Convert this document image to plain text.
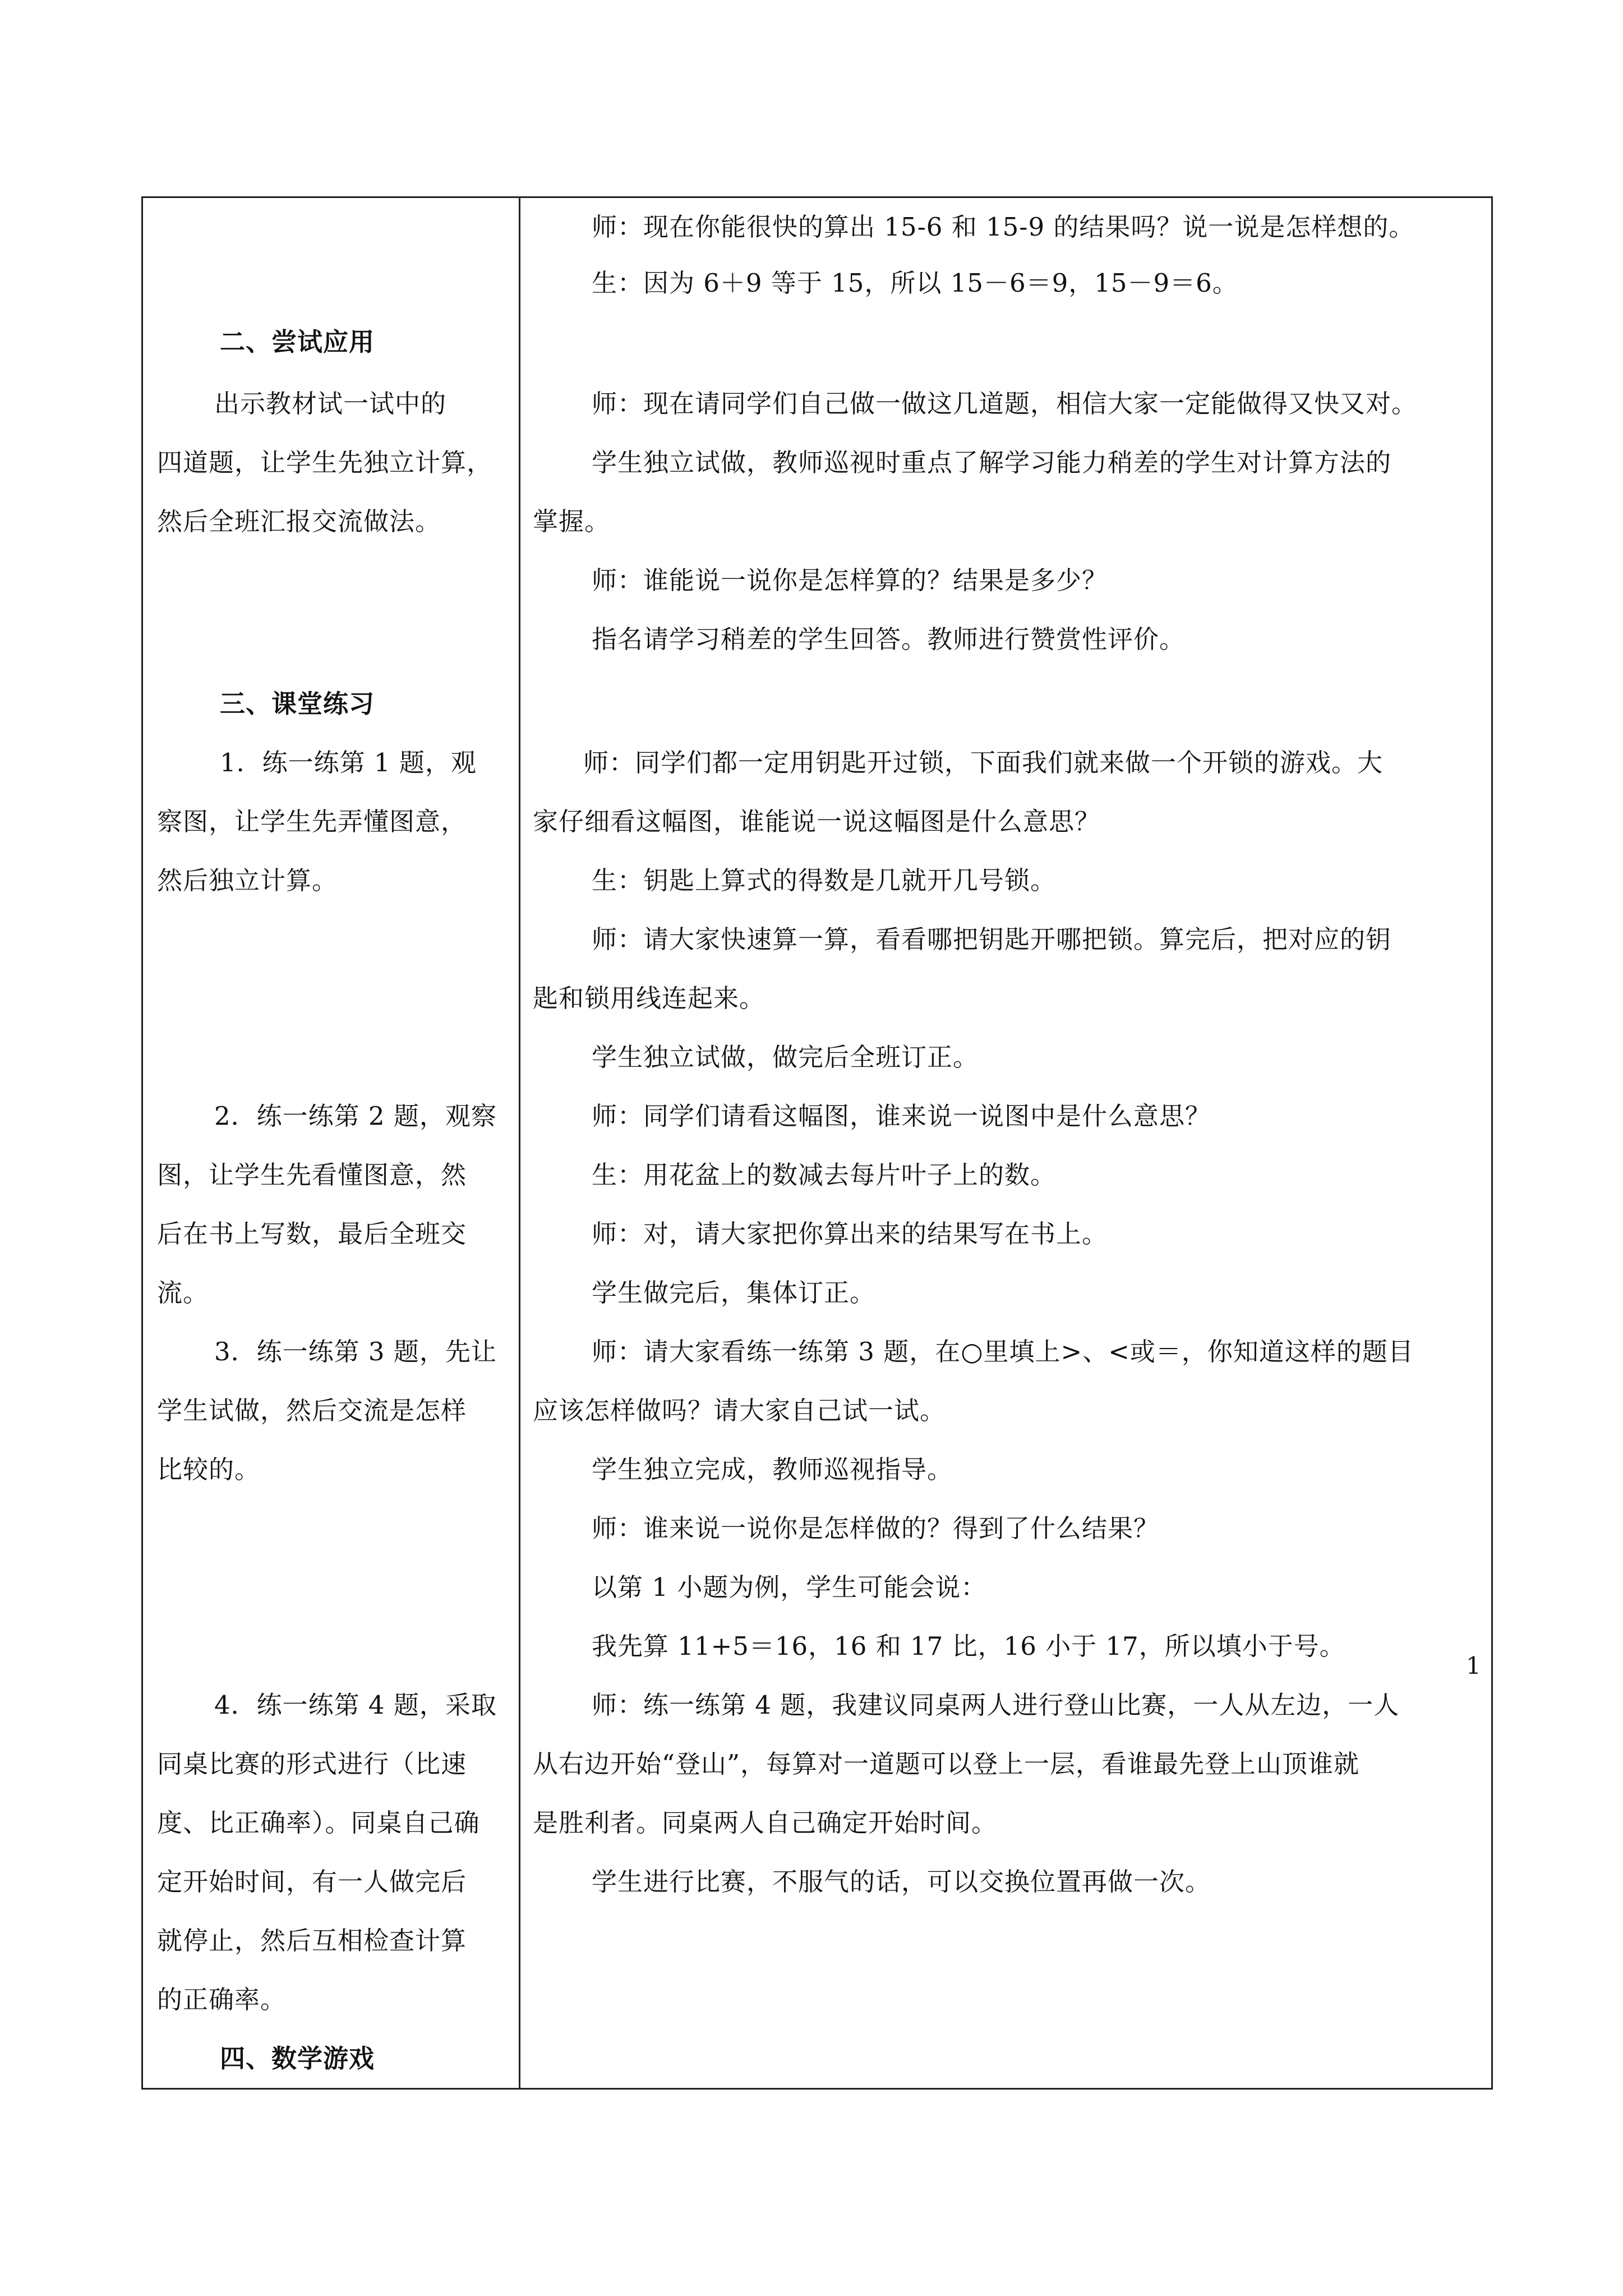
二、尝试应用
出示教材试一试中的
四道题，让学生先独立计算，
然后全班汇报交流做法。
三、课堂练习
1．练一练第 1 题，观
察图，让学生先弄懂图意，
然后独立计算。
2．练一练第 2 题，观察
图，让学生先看懂图意，然
后在书上写数，最后全班交
流。
3．练一练第 3 题，先让
学生试做，然后交流是怎样
比较的。
4．练一练第 4 题，采取
同桌比赛的形式进行（比速
度、比正确率）。同桌自己确
定开始时间，有一人做完后
就停止，然后互相检查计算
的正确率。
四、数学游戏
师：现在你能很快的算出 15-6 和 15-9 的结果吗？说一说是怎样想的。
生：因为 6＋9 等于 15，所以 15－6＝9，15－9＝6。
师：现在请同学们自己做一做这几道题，相信大家一定能做得又快又对。
学生独立试做，教师巡视时重点了解学习能力稍差的学生对计算方法的
掌握。
师：谁能说一说你是怎样算的？结果是多少？
指名请学习稍差的学生回答。教师进行赞赏性评价。
师：同学们都一定用钥匙开过锁，下面我们就来做一个开锁的游戏。大
家仔细看这幅图，谁能说一说这幅图是什么意思？
生：钥匙上算式的得数是几就开几号锁。
师：请大家快速算一算，看看哪把钥匙开哪把锁。算完后，把对应的钥
匙和锁用线连起来。
学生独立试做，做完后全班订正。
师：同学们请看这幅图，谁来说一说图中是什么意思？
生：用花盆上的数减去每片叶子上的数。
师：对，请大家把你算出来的结果写在书上。
学生做完后，集体订正。
师：请大家看练一练第 3 题，在○里填上>、<或＝，你知道这样的题目
应该怎样做吗？请大家自己试一试。
学生独立完成，教师巡视指导。
师：谁来说一说你是怎样做的？得到了什么结果？
以第 1 小题为例，学生可能会说：
我先算 11+5＝16，16 和 17 比，16 小于 17，所以填小于号。
师：练一练第 4 题，我建议同桌两人进行登山比赛，一人从左边，一人
从右边开始“登山”，每算对一道题可以登上一层，看谁最先登上山顶谁就
是胜利者。同桌两人自己确定开始时间。
学生进行比赛，不服气的话，可以交换位置再做一次。
1
